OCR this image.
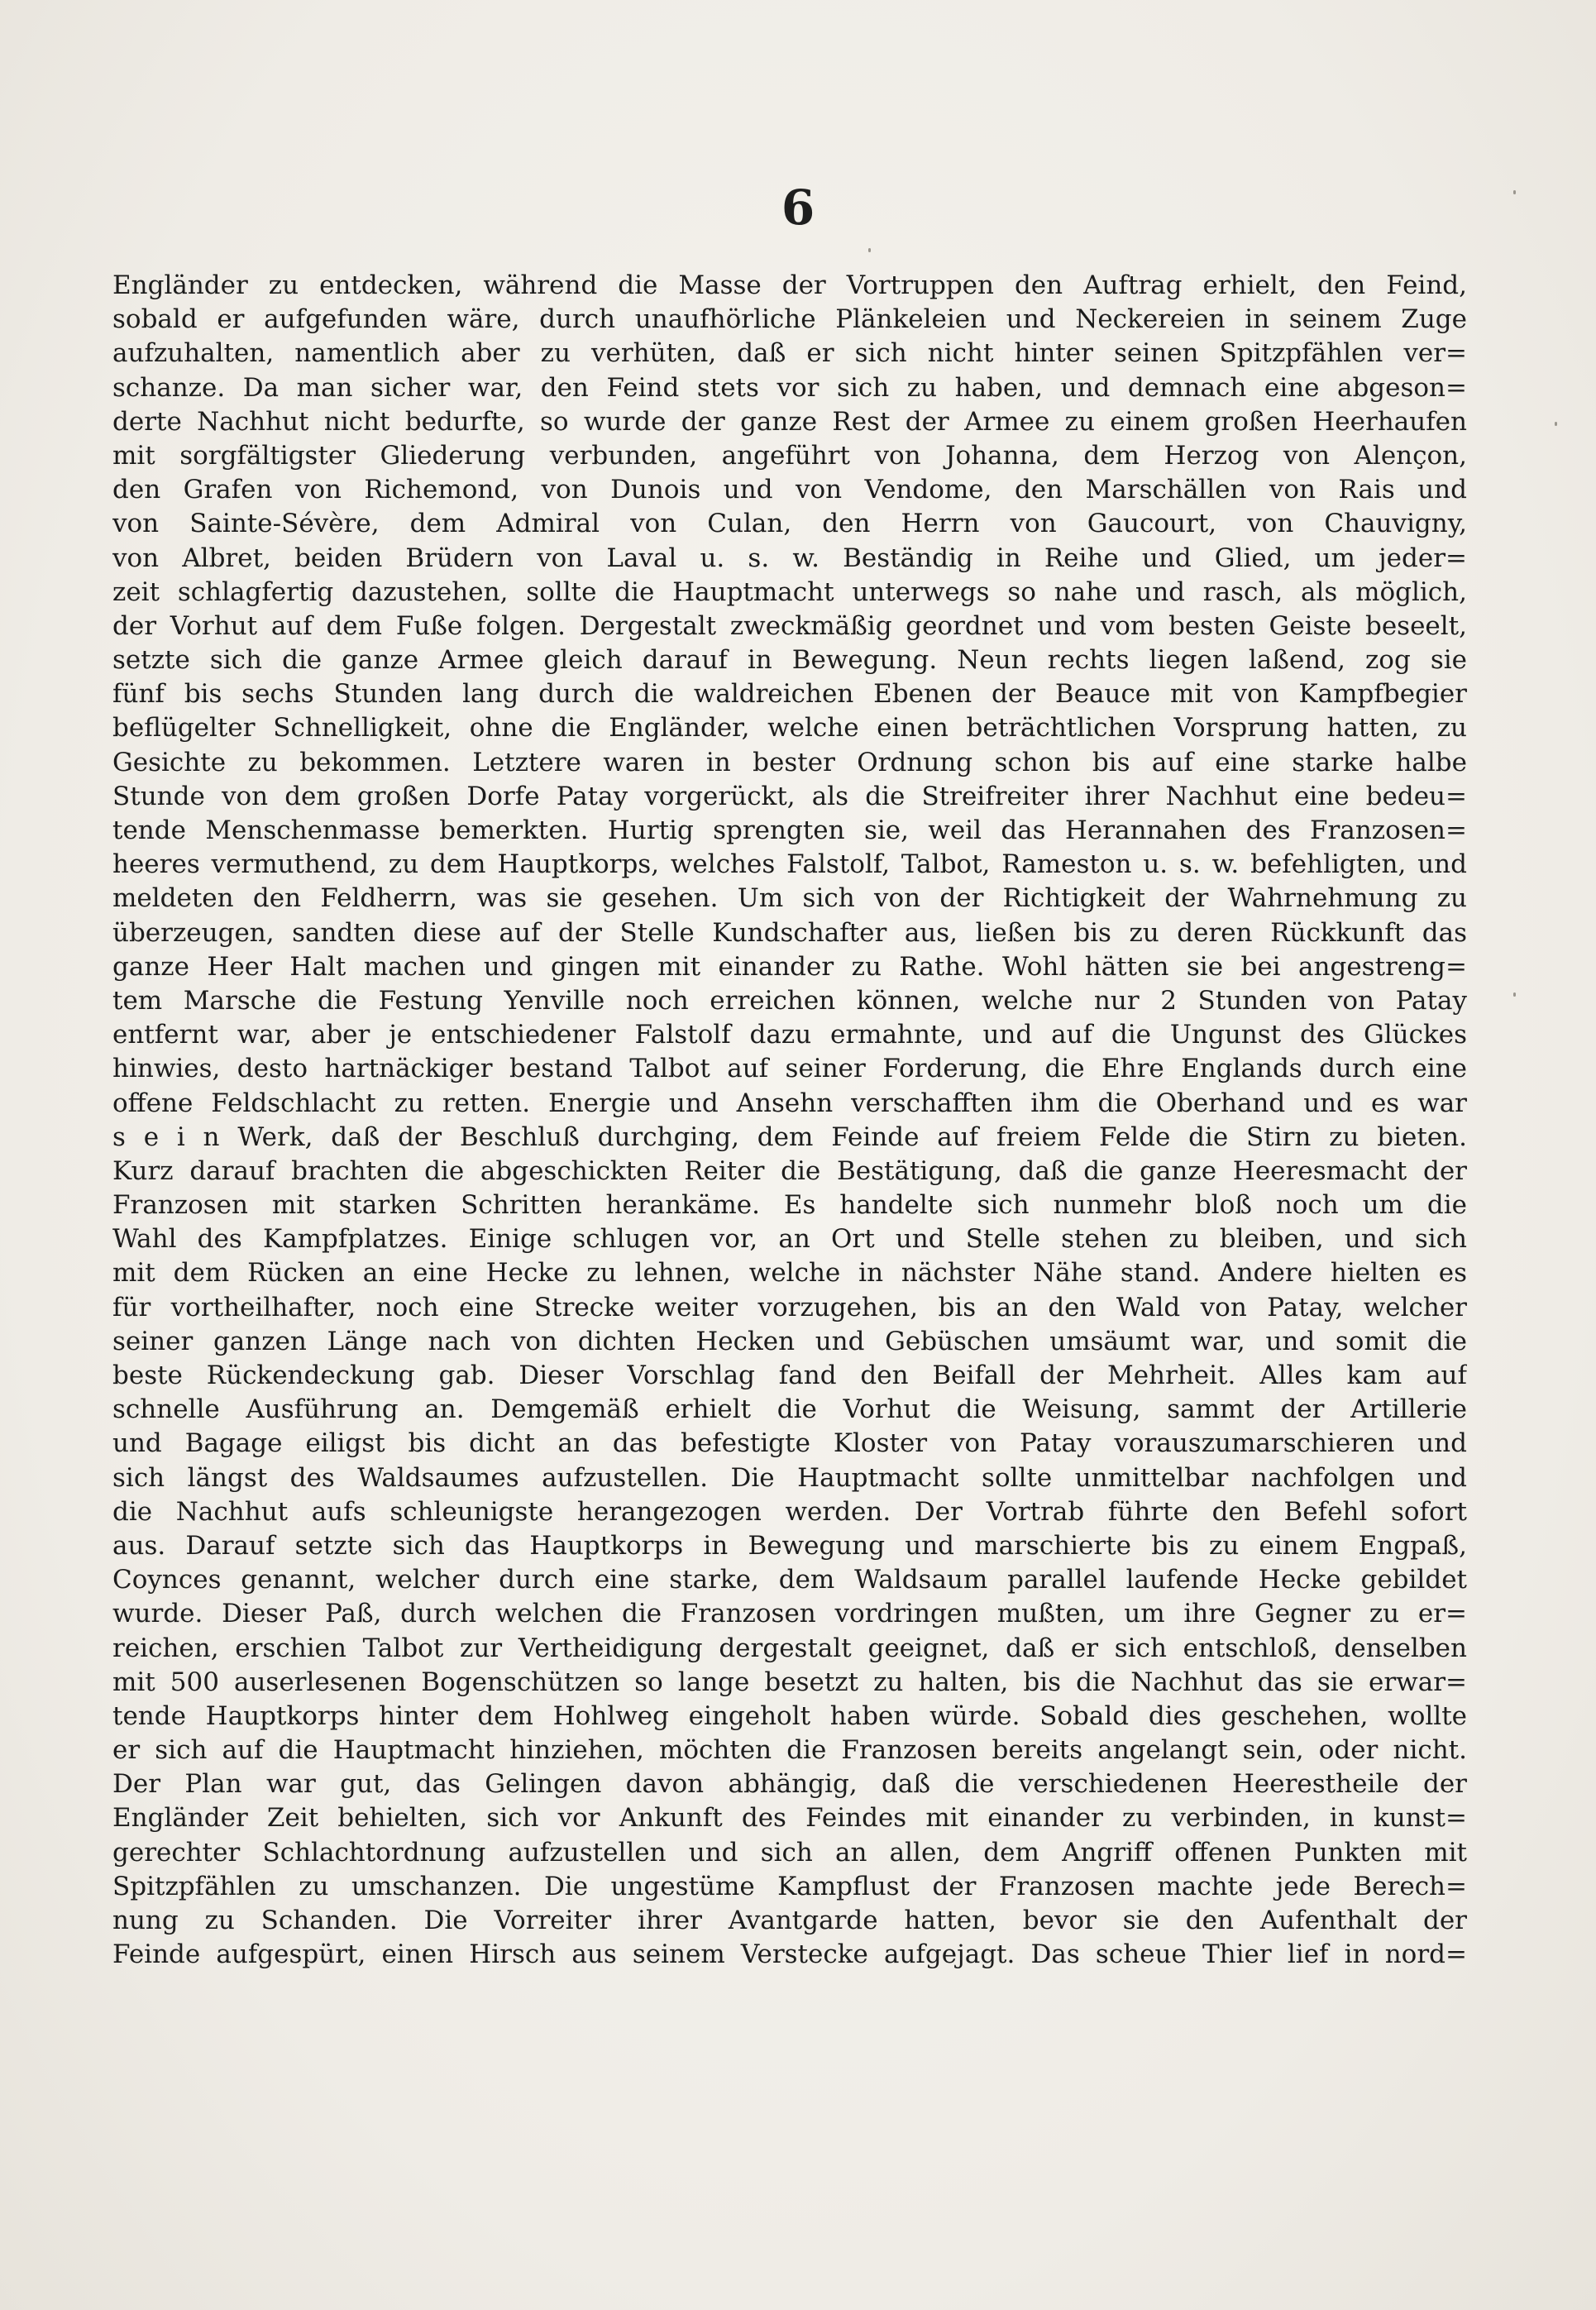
6
Engländer zu entdecken, während die Masse der Vortruppen den Auftrag erhielt, den Feind,
sobald er aufgefunden wäre, durch unaufhörliche Plänkeleien und Neckereien in seinem Zuge
aufzuhalten, namentlich aber zu verhüten, daß er sich nicht hinter seinen Spitzpfählen ver=
schanze. Da man sicher war, den Feind stets vor sich zu haben, und demnach eine abgeson=
derte Nachhut nicht bedurfte, so wurde der ganze Rest der Armee zu einem großen Heerhaufen
mit sorgfältigster Gliederung verbunden, angeführt von Johanna, dem Herzog von Alençon,
den Grafen von Richemond, von Dunois und von Vendome, den Marschällen von Rais und
von Sainte-Sévère, dem Admiral von Culan, den Herrn von Gaucourt, von Chauvigny,
von Albret, beiden Brüdern von Laval u. s. w. Beständig in Reihe und Glied, um jeder=
zeit schlagfertig dazustehen, sollte die Hauptmacht unterwegs so nahe und rasch, als möglich,
der Vorhut auf dem Fuße folgen. Dergestalt zweckmäßig geordnet und vom besten Geiste beseelt,
setzte sich die ganze Armee gleich darauf in Bewegung. Neun rechts liegen laßend, zog sie
fünf bis sechs Stunden lang durch die waldreichen Ebenen der Beauce mit von Kampfbegier
beflügelter Schnelligkeit, ohne die Engländer, welche einen beträchtlichen Vorsprung hatten, zu
Gesichte zu bekommen. Letztere waren in bester Ordnung schon bis auf eine starke halbe
Stunde von dem großen Dorfe Patay vorgerückt, als die Streifreiter ihrer Nachhut eine bedeu=
tende Menschenmasse bemerkten. Hurtig sprengten sie, weil das Herannahen des Franzosen=
heeres vermuthend, zu dem Hauptkorps, welches Falstolf, Talbot, Rameston u. s. w. befehligten, und
meldeten den Feldherrn, was sie gesehen. Um sich von der Richtigkeit der Wahrnehmung zu
überzeugen, sandten diese auf der Stelle Kundschafter aus, ließen bis zu deren Rückkunft das
ganze Heer Halt machen und gingen mit einander zu Rathe. Wohl hätten sie bei angestreng=
tem Marsche die Festung Yenville noch erreichen können, welche nur 2 Stunden von Patay
entfernt war, aber je entschiedener Falstolf dazu ermahnte, und auf die Ungunst des Glückes
hinwies, desto hartnäckiger bestand Talbot auf seiner Forderung, die Ehre Englands durch eine
offene Feldschlacht zu retten. Energie und Ansehn verschafften ihm die Oberhand und es war
s e i n Werk, daß der Beschluß durchging, dem Feinde auf freiem Felde die Stirn zu bieten.
Kurz darauf brachten die abgeschickten Reiter die Bestätigung, daß die ganze Heeresmacht der
Franzosen mit starken Schritten herankäme. Es handelte sich nunmehr bloß noch um die
Wahl des Kampfplatzes. Einige schlugen vor, an Ort und Stelle stehen zu bleiben, und sich
mit dem Rücken an eine Hecke zu lehnen, welche in nächster Nähe stand. Andere hielten es
für vortheilhafter, noch eine Strecke weiter vorzugehen, bis an den Wald von Patay, welcher
seiner ganzen Länge nach von dichten Hecken und Gebüschen umsäumt war, und somit die
beste Rückendeckung gab. Dieser Vorschlag fand den Beifall der Mehrheit. Alles kam auf
schnelle Ausführung an. Demgemäß erhielt die Vorhut die Weisung, sammt der Artillerie
und Bagage eiligst bis dicht an das befestigte Kloster von Patay vorauszumarschieren und
sich längst des Waldsaumes aufzustellen. Die Hauptmacht sollte unmittelbar nachfolgen und
die Nachhut aufs schleunigste herangezogen werden. Der Vortrab führte den Befehl sofort
aus. Darauf setzte sich das Hauptkorps in Bewegung und marschierte bis zu einem Engpaß,
Coynces genannt, welcher durch eine starke, dem Waldsaum parallel laufende Hecke gebildet
wurde. Dieser Paß, durch welchen die Franzosen vordringen mußten, um ihre Gegner zu er=
reichen, erschien Talbot zur Vertheidigung dergestalt geeignet, daß er sich entschloß, denselben
mit 500 auserlesenen Bogenschützen so lange besetzt zu halten, bis die Nachhut das sie erwar=
tende Hauptkorps hinter dem Hohlweg eingeholt haben würde. Sobald dies geschehen, wollte
er sich auf die Hauptmacht hinziehen, möchten die Franzosen bereits angelangt sein, oder nicht.
Der Plan war gut, das Gelingen davon abhängig, daß die verschiedenen Heerestheile der
Engländer Zeit behielten, sich vor Ankunft des Feindes mit einander zu verbinden, in kunst=
gerechter Schlachtordnung aufzustellen und sich an allen, dem Angriff offenen Punkten mit
Spitzpfählen zu umschanzen. Die ungestüme Kampflust der Franzosen machte jede Berech=
nung zu Schanden. Die Vorreiter ihrer Avantgarde hatten, bevor sie den Aufenthalt der
Feinde aufgespürt, einen Hirsch aus seinem Verstecke aufgejagt. Das scheue Thier lief in nord=
